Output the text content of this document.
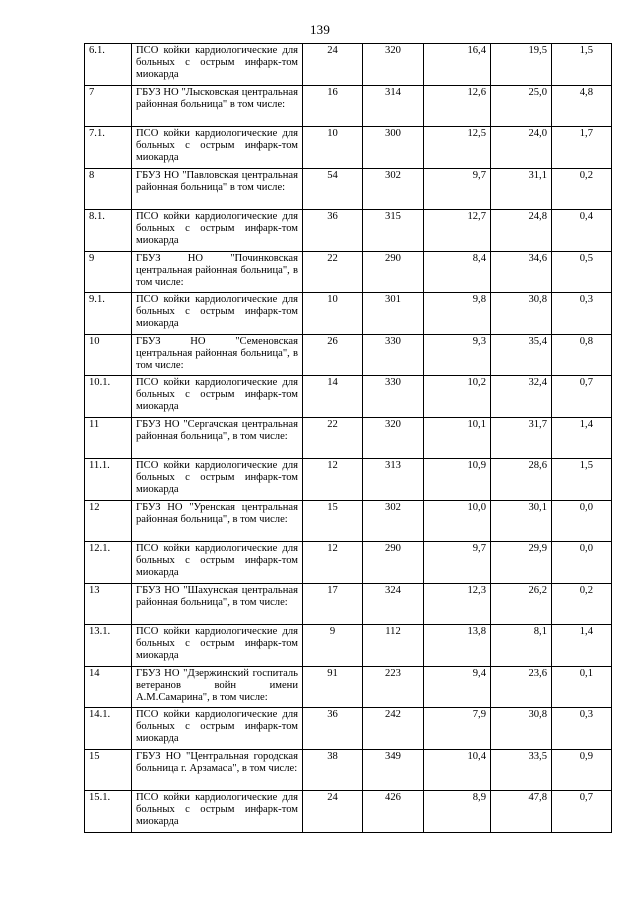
139
6.1.	ПСО койки кардиологические для больных с острым инфарк-том миокарда	24	320	16,4	19,5	1,5
7	ГБУЗ НО "Лысковская центральная районная больница" в том числе:	16	314	12,6	25,0	4,8
7.1.	ПСО койки кардиологические для больных с острым инфарк-том миокарда	10	300	12,5	24,0	1,7
8	ГБУЗ НО "Павловская центральная районная больница" в том числе:	54	302	9,7	31,1	0,2
8.1.	ПСО койки кардиологические для больных с острым инфарк-том миокарда	36	315	12,7	24,8	0,4
9	ГБУЗ НО "Починковская центральная районная больница", в том числе:	22	290	8,4	34,6	0,5
9.1.	ПСО койки кардиологические для больных с острым инфарк-том миокарда	10	301	9,8	30,8	0,3
10	ГБУЗ НО "Семеновская центральная районная больница", в том числе:	26	330	9,3	35,4	0,8
10.1.	ПСО койки кардиологические для больных с острым инфарк-том миокарда	14	330	10,2	32,4	0,7
11	ГБУЗ НО "Сергачская центральная районная больница", в том числе:	22	320	10,1	31,7	1,4
11.1.	ПСО койки кардиологические для больных с острым инфарк-том миокарда	12	313	10,9	28,6	1,5
12	ГБУЗ НО "Уренская центральная районная больница", в том числе:	15	302	10,0	30,1	0,0
12.1.	ПСО койки кардиологические для больных с острым инфарк-том миокарда	12	290	9,7	29,9	0,0
13	ГБУЗ НО "Шахунская центральная районная больница", в том числе:	17	324	12,3	26,2	0,2
13.1.	ПСО койки кардиологические для больных с острым инфарк-том миокарда	9	112	13,8	8,1	1,4
14	ГБУЗ НО "Дзержинский госпиталь ветеранов войн имени А.М.Самарина", в том числе:	91	223	9,4	23,6	0,1
14.1.	ПСО койки кардиологические для больных с острым инфарк-том миокарда	36	242	7,9	30,8	0,3
15	ГБУЗ НО "Центральная городская больница г. Арзамаса", в том числе:	38	349	10,4	33,5	0,9
15.1.	ПСО койки кардиологические для больных с острым инфарк-том миокарда	24	426	8,9	47,8	0,7
